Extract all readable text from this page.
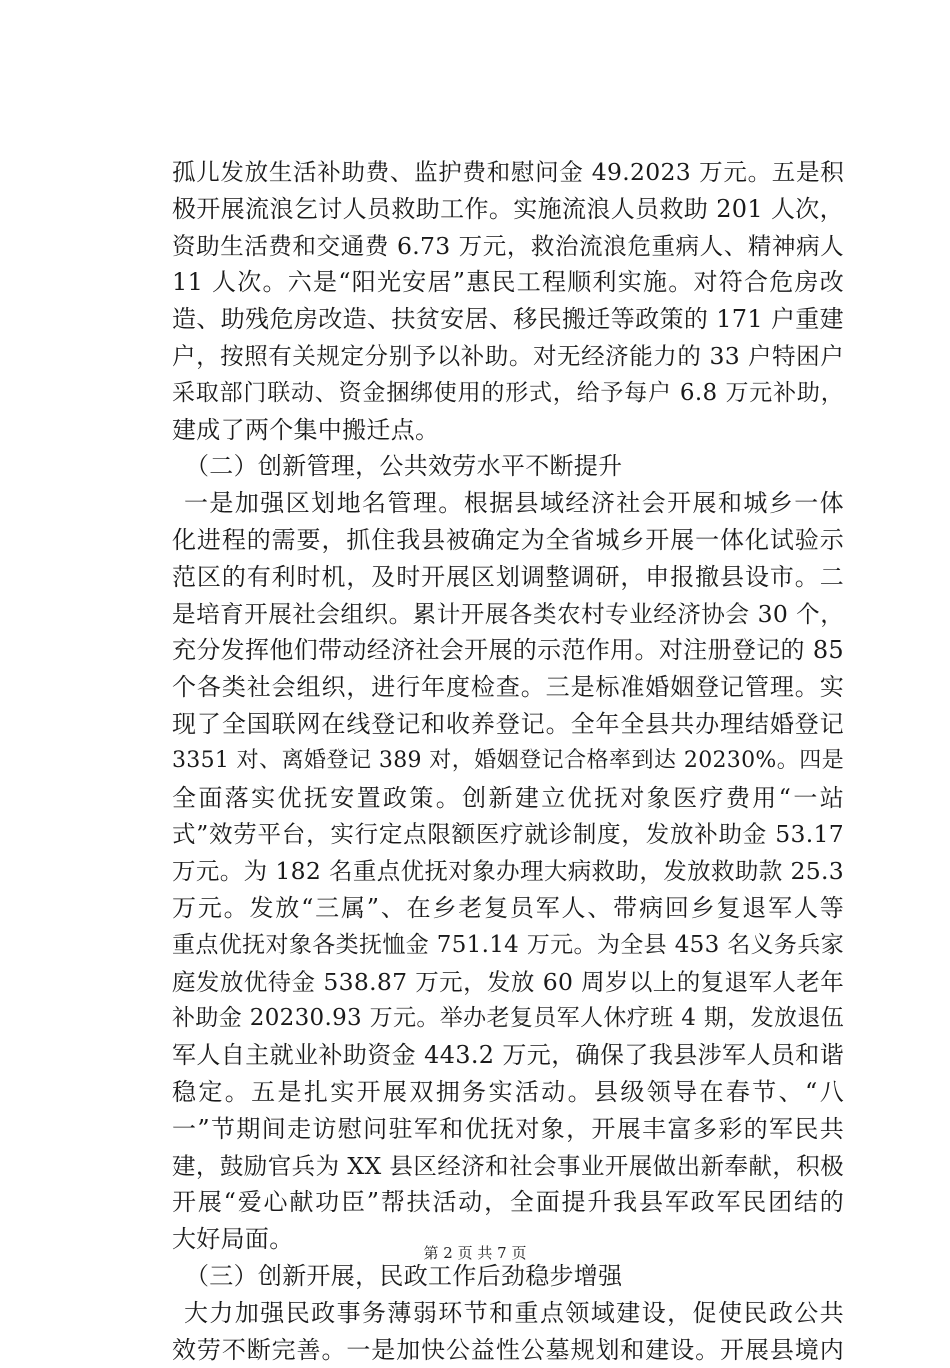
孤儿发放生活补助费、监护费和慰问金 49.2023 万元。五是积
极开展流浪乞讨人员救助工作。实施流浪人员救助 201 人次，
资助生活费和交通费 6.73 万元，救治流浪危重病人、精神病人
11 人次。六是“阳光安居”惠民工程顺利实施。对符合危房改
造、助残危房改造、扶贫安居、移民搬迁等政策的 171 户重建
户，按照有关规定分别予以补助。对无经济能力的 33 户特困户
采取部门联动、资金捆绑使用的形式，给予每户 6.8 万元补助，
建成了两个集中搬迁点。
（二）创新管理，公共效劳水平不断提升
一是加强区划地名管理。根据县域经济社会开展和城乡一体
化进程的需要，抓住我县被确定为全省城乡开展一体化试验示
范区的有利时机，及时开展区划调整调研，申报撤县设市。二
是培育开展社会组织。累计开展各类农村专业经济协会 30 个，
充分发挥他们带动经济社会开展的示范作用。对注册登记的 85
个各类社会组织，进行年度检查。三是标准婚姻登记管理。实
现了全国联网在线登记和收养登记。全年全县共办理结婚登记
3351 对、离婚登记 389 对，婚姻登记合格率到达 20230%。四是
全面落实优抚安置政策。创新建立优抚对象医疗费用“一站
式”效劳平台，实行定点限额医疗就诊制度，发放补助金 53.17
万元。为 182 名重点优抚对象办理大病救助，发放救助款 25.3
万元。发放“三属”、在乡老复员军人、带病回乡复退军人等
重点优抚对象各类抚恤金 751.14 万元。为全县 453 名义务兵家
庭发放优待金 538.87 万元，发放 60 周岁以上的复退军人老年
补助金 20230.93 万元。举办老复员军人休疗班 4 期，发放退伍
军人自主就业补助资金 443.2 万元，确保了我县涉军人员和谐
稳定。五是扎实开展双拥务实活动。县级领导在春节、“八
一”节期间走访慰问驻军和优抚对象，开展丰富多彩的军民共
建，鼓励官兵为 XX 县区经济和社会事业开展做出新奉献，积极
开展“爱心献功臣”帮扶活动，全面提升我县军政军民团结的
大好局面。
（三）创新开展，民政工作后劲稳步增强
大力加强民政事务薄弱环节和重点领域建设，促使民政公共
效劳不断完善。一是加快公益性公墓规划和建设。开展县境内
第 2 页 共 7 页
